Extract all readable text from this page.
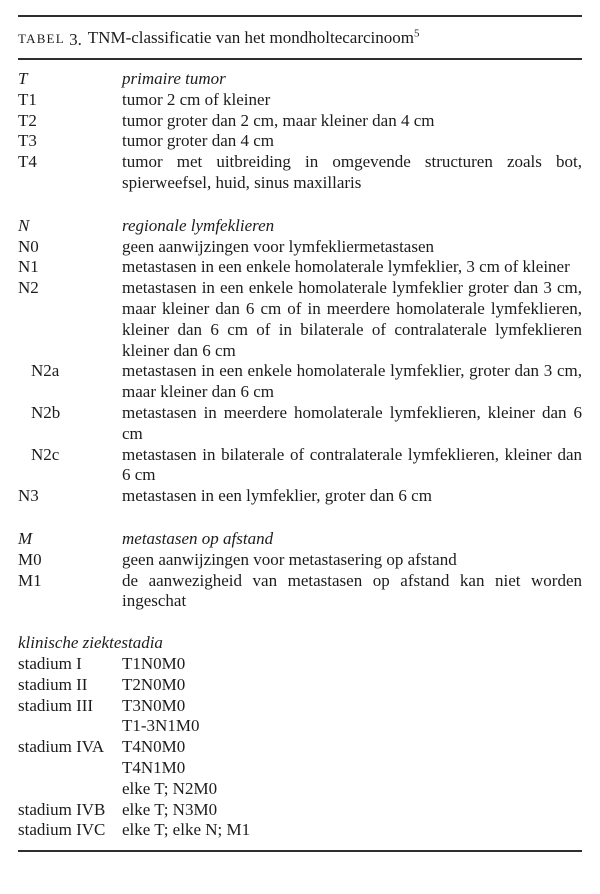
TABEL 3. TNM-classificatie van het mondholtecarcinoom$^5$
T	primaire tumor
T1	tumor 2 cm of kleiner
T2	tumor groter dan 2 cm, maar kleiner dan 4 cm
T3	tumor groter dan 4 cm
T4	tumor met uitbreiding in omgevende structuren zoals bot, spierweefsel, huid, sinus maxillaris
N	regionale lymfeklieren
N0	geen aanwijzingen voor lymfekliermetastasen
N1	metastasen in een enkele homolaterale lymfeklier, 3 cm of kleiner
N2	metastasen in een enkele homolaterale lymfeklier groter dan 3 cm, maar kleiner dan 6 cm of in meerdere homolaterale lymfeklieren, kleiner dan 6 cm of in bilaterale of contralaterale lymfeklieren kleiner dan 6 cm
N2a	metastasen in een enkele homolaterale lymfeklier, groter dan 3 cm, maar kleiner dan 6 cm
N2b	metastasen in meerdere homolaterale lymfeklieren, kleiner dan 6 cm
N2c	metastasen in bilaterale of contralaterale lymfeklieren, kleiner dan 6 cm
N3	metastasen in een lymfeklier, groter dan 6 cm
M	metastasen op afstand
M0	geen aanwijzingen voor metastasering op afstand
M1	de aanwezigheid van metastasen op afstand kan niet worden ingeschat
klinische ziektestadia
stadium I	T1N0M0
stadium II	T2N0M0
stadium III	T3N0M0
T1-3N1M0
stadium IVA	T4N0M0
T4N1M0
elke T; N2M0
stadium IVB elke T; N3M0
stadium IVC elke T; elke N; M1
